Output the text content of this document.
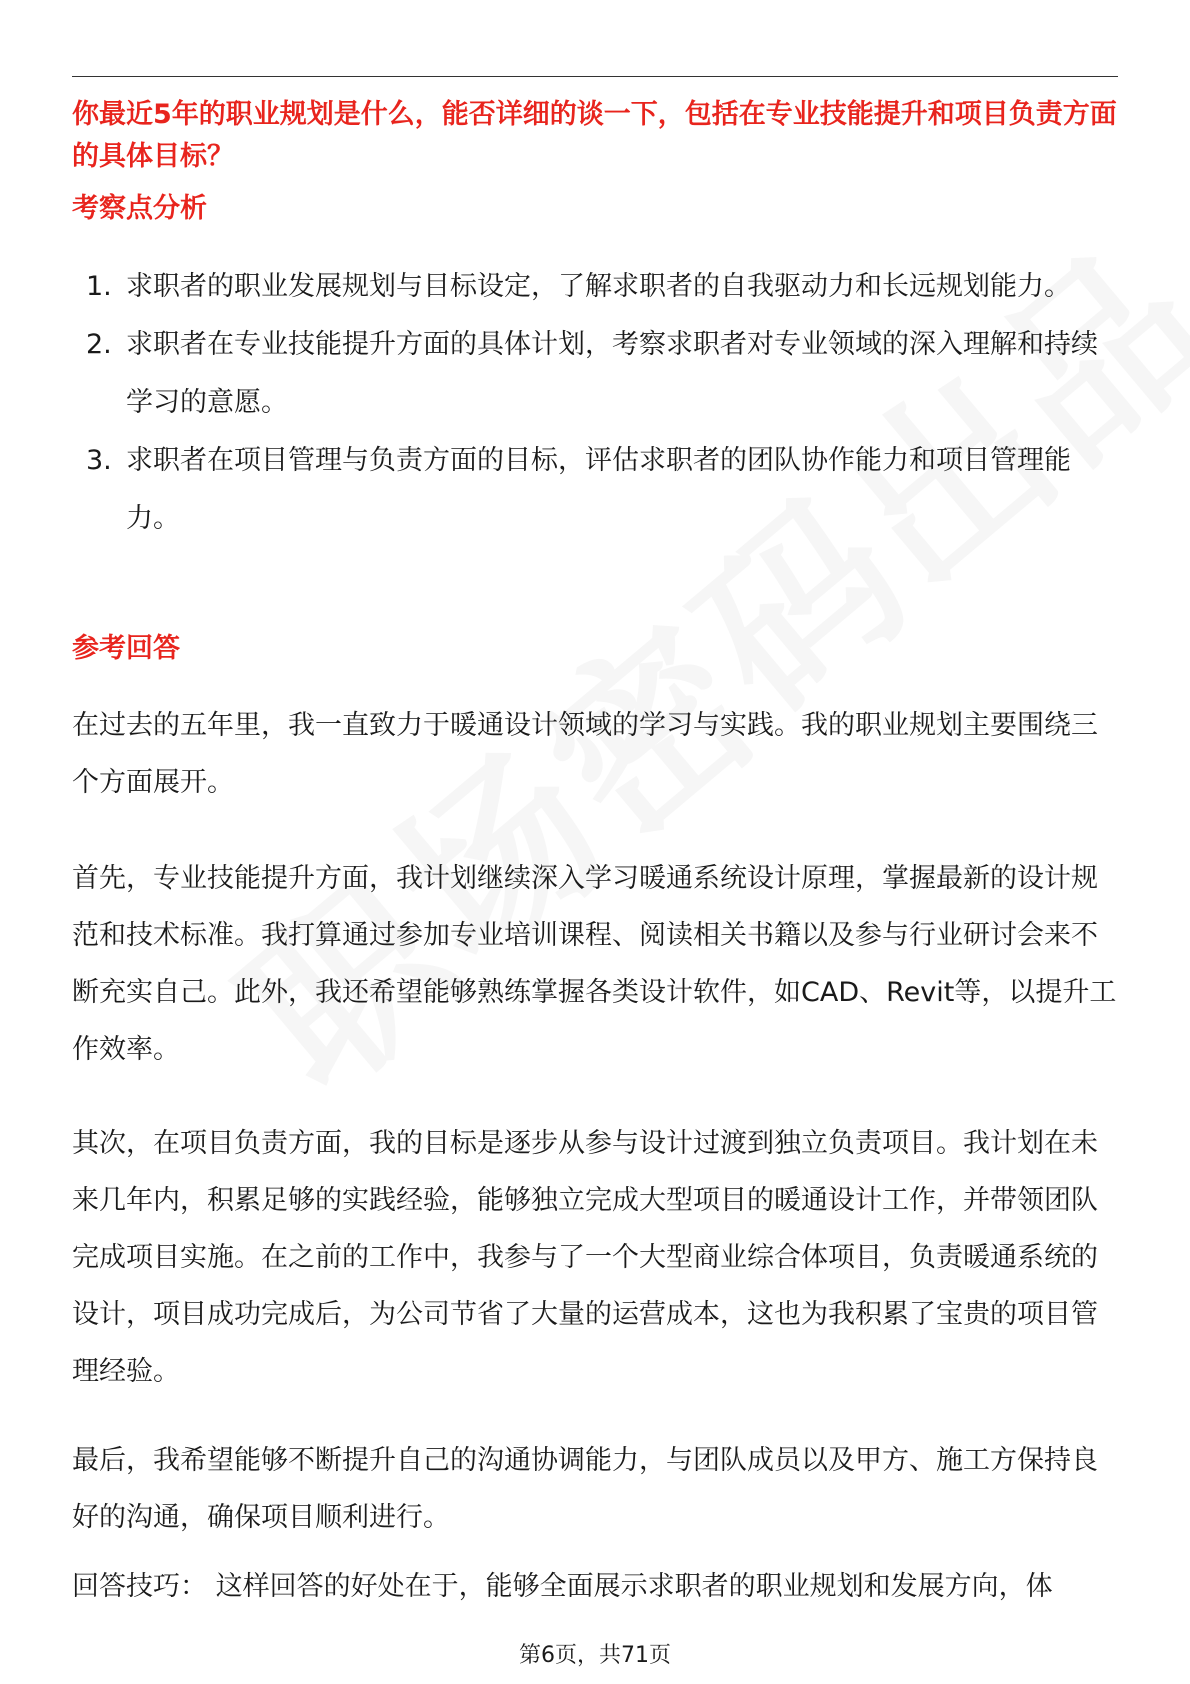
你最近5年的职业规划是什么，能否详细的谈一下，包括在专业技能提升和项目负责方面的具体目标？
考察点分析
1. 求职者的职业发展规划与目标设定，了解求职者的自我驱动力和长远规划能力。
2. 求职者在专业技能提升方面的具体计划，考察求职者对专业领域的深入理解和持续学习的意愿。
3. 求职者在项目管理与负责方面的目标，评估求职者的团队协作能力和项目管理能力。
参考回答

在过去的五年里，我一直致力于暖通设计领域的学习与实践。我的职业规划主要围绕三个方面展开。

首先，专业技能提升方面，我计划继续深入学习暖通系统设计原理，掌握最新的设计规范和技术标准。我打算通过参加专业培训课程、阅读相关书籍以及参与行业研讨会来不断充实自己。此外，我还希望能够熟练掌握各类设计软件，如CAD、Revit等，以提升工作效率。

其次，在项目负责方面，我的目标是逐步从参与设计过渡到独立负责项目。我计划在未来几年内，积累足够的实践经验，能够独立完成大型项目的暖通设计工作，并带领团队完成项目实施。在之前的工作中，我参与了一个大型商业综合体项目，负责暖通系统的设计，项目成功完成后，为公司节省了大量的运营成本，这也为我积累了宝贵的项目管理经验。

最后，我希望能够不断提升自己的沟通协调能力，与团队成员以及甲方、施工方保持良好的沟通，确保项目顺利进行。

回答技巧： 这样回答的好处在于，能够全面展示求职者的职业规划和发展方向，体

第6页，共71页
